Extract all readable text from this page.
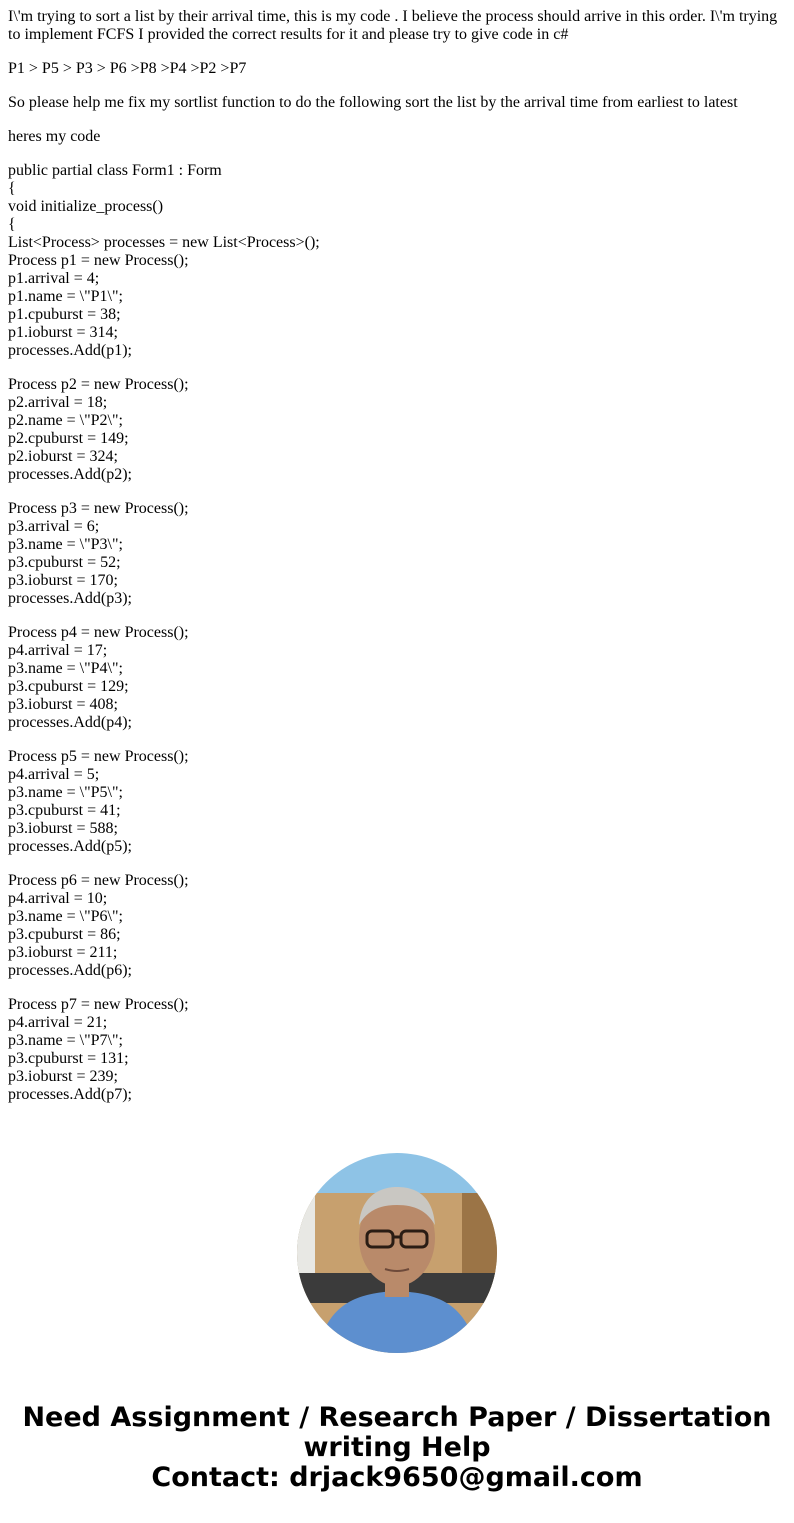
I\'m trying to sort a list by their arrival time, this is my code . I believe the process should arrive in this order. I\'m trying to implement FCFS I provided the correct results for it and please try to give code in c#

P1 > P5 > P3 > P6 >P8 >P4 >P2 >P7

So please help me fix my sortlist function to do the following sort the list by the arrival time from earliest to latest

heres my code

public partial class Form1 : Form
{
void initialize_process()
{
List<Process> processes = new List<Process>();
Process p1 = new Process();
p1.arrival = 4;
p1.name = \"P1\";
p1.cpuburst = 38;
p1.ioburst = 314;
processes.Add(p1);
Process p2 = new Process();
p2.arrival = 18;
p2.name = \"P2\";
p2.cpuburst = 149;
p2.ioburst = 324;
processes.Add(p2);
Process p3 = new Process();
p3.arrival = 6;
p3.name = \"P3\";
p3.cpuburst = 52;
p3.ioburst = 170;
processes.Add(p3);
Process p4 = new Process();
p4.arrival = 17;
p3.name = \"P4\";
p3.cpuburst = 129;
p3.ioburst = 408;
processes.Add(p4);
Process p5 = new Process();
p4.arrival = 5;
p3.name = \"P5\";
p3.cpuburst = 41;
p3.ioburst = 588;
processes.Add(p5);
Process p6 = new Process();
p4.arrival = 10;
p3.name = \"P6\";
p3.cpuburst = 86;
p3.ioburst = 211;
processes.Add(p6);
Process p7 = new Process();
p4.arrival = 21;
p3.name = \"P7\";
p3.cpuburst = 131;
p3.ioburst = 239;
processes.Add(p7);
Need Assignment / Research Paper / Dissertation
writing Help
Contact: drjack9650@gmail.com
